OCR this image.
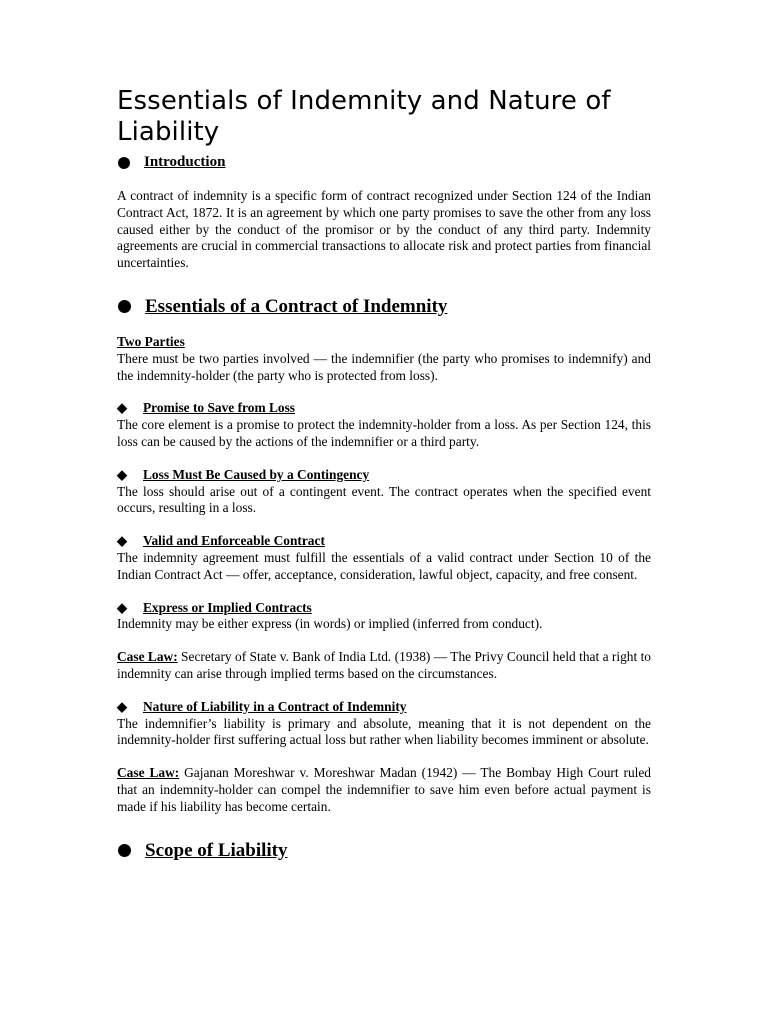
Essentials of Indemnity and Nature of Liability
Introduction

A contract of indemnity is a specific form of contract recognized under Section 124 of the Indian Contract Act, 1872. It is an agreement by which one party promises to save the other from any loss caused either by the conduct of the promisor or by the conduct of any third party. Indemnity agreements are crucial in commercial transactions to allocate risk and protect parties from financial uncertainties.

Essentials of a Contract of Indemnity
Two Parties

There must be two parties involved — the indemnifier (the party who promises to indemnify) and the indemnity-holder (the party who is protected from loss).

◆ Promise to Save from Loss

The core element is a promise to protect the indemnity-holder from a loss. As per Section 124, this loss can be caused by the actions of the indemnifier or a third party.

◆ Loss Must Be Caused by a Contingency

The loss should arise out of a contingent event. The contract operates when the specified event occurs, resulting in a loss.

◆ Valid and Enforceable Contract

The indemnity agreement must fulfill the essentials of a valid contract under Section 10 of the Indian Contract Act — offer, acceptance, consideration, lawful object, capacity, and free consent.

◆ Express or Implied Contracts

Indemnity may be either express (in words) or implied (inferred from conduct).

Case Law: Secretary of State v. Bank of India Ltd. (1938) — The Privy Council held that a right to indemnity can arise through implied terms based on the circumstances.

◆ Nature of Liability in a Contract of Indemnity

The indemnifier’s liability is primary and absolute, meaning that it is not dependent on the indemnity-holder first suffering actual loss but rather when liability becomes imminent or absolute.

Case Law: Gajanan Moreshwar v. Moreshwar Madan (1942) — The Bombay High Court ruled that an indemnity-holder can compel the indemnifier to save him even before actual payment is made if his liability has become certain.

Scope of Liability
